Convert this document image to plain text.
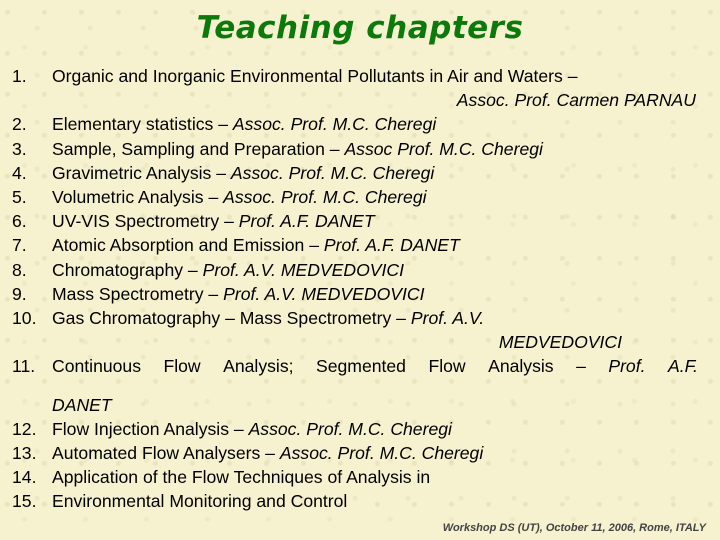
Teaching chapters
1. Organic and Inorganic Environmental Pollutants in Air and Waters –
Assoc. Prof. Carmen PARNAU
2. Elementary statistics – Assoc. Prof. M.C. Cheregi
3. Sample, Sampling and Preparation – Assoc Prof. M.C. Cheregi
4. Gravimetric Analysis – Assoc. Prof. M.C. Cheregi
5. Volumetric Analysis – Assoc. Prof. M.C. Cheregi
6. UV-VIS Spectrometry – Prof. A.F. DANET
7. Atomic Absorption and Emission – Prof. A.F. DANET
8. Chromatography – Prof. A.V. MEDVEDOVICI
9. Mass Spectrometry – Prof. A.V. MEDVEDOVICI
10. Gas Chromatography – Mass Spectrometry – Prof. A.V.
MEDVEDOVICI
11. Continuous Flow Analysis; Segmented Flow Analysis – Prof. A.F.
DANET
12. Flow Injection Analysis – Assoc. Prof. M.C. Cheregi
13. Automated Flow Analysers – Assoc. Prof. M.C. Cheregi
14. Application of the Flow Techniques of Analysis in
15. Environmental Monitoring and Control
Workshop DS (UT), October 11, 2006, Rome, ITALY
